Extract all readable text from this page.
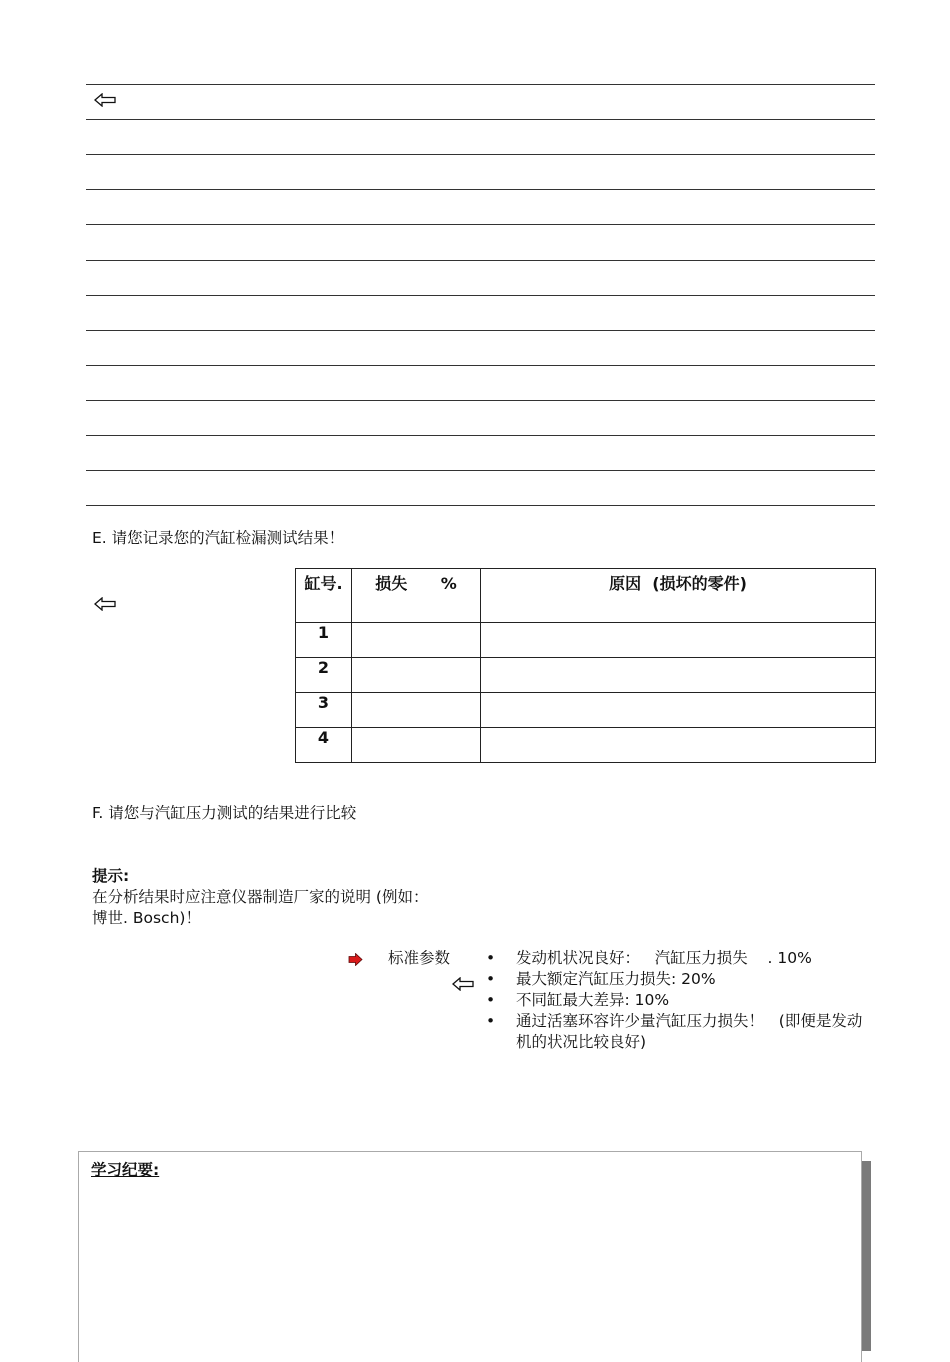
E. 请您记录您的汽缸检漏测试结果！
缸号.	损失      %	原因  (损坏的零件)
1		
2		
3		
4		
F. 请您与汽缸压力测试的结果进行比较
提示:
在分析结果时应注意仪器制造厂家的说明 (例如：
博世. Bosch)！
标准参数 • 发动机状况良好：   汽缸压力损失    . 10%
• 最大额定汽缸压力损失: 20%
• 不同缸最大差异: 10%
• 通过活塞环容许少量汽缸压力损失！   (即便是发动机的状况比较良好)
学习纪要:
